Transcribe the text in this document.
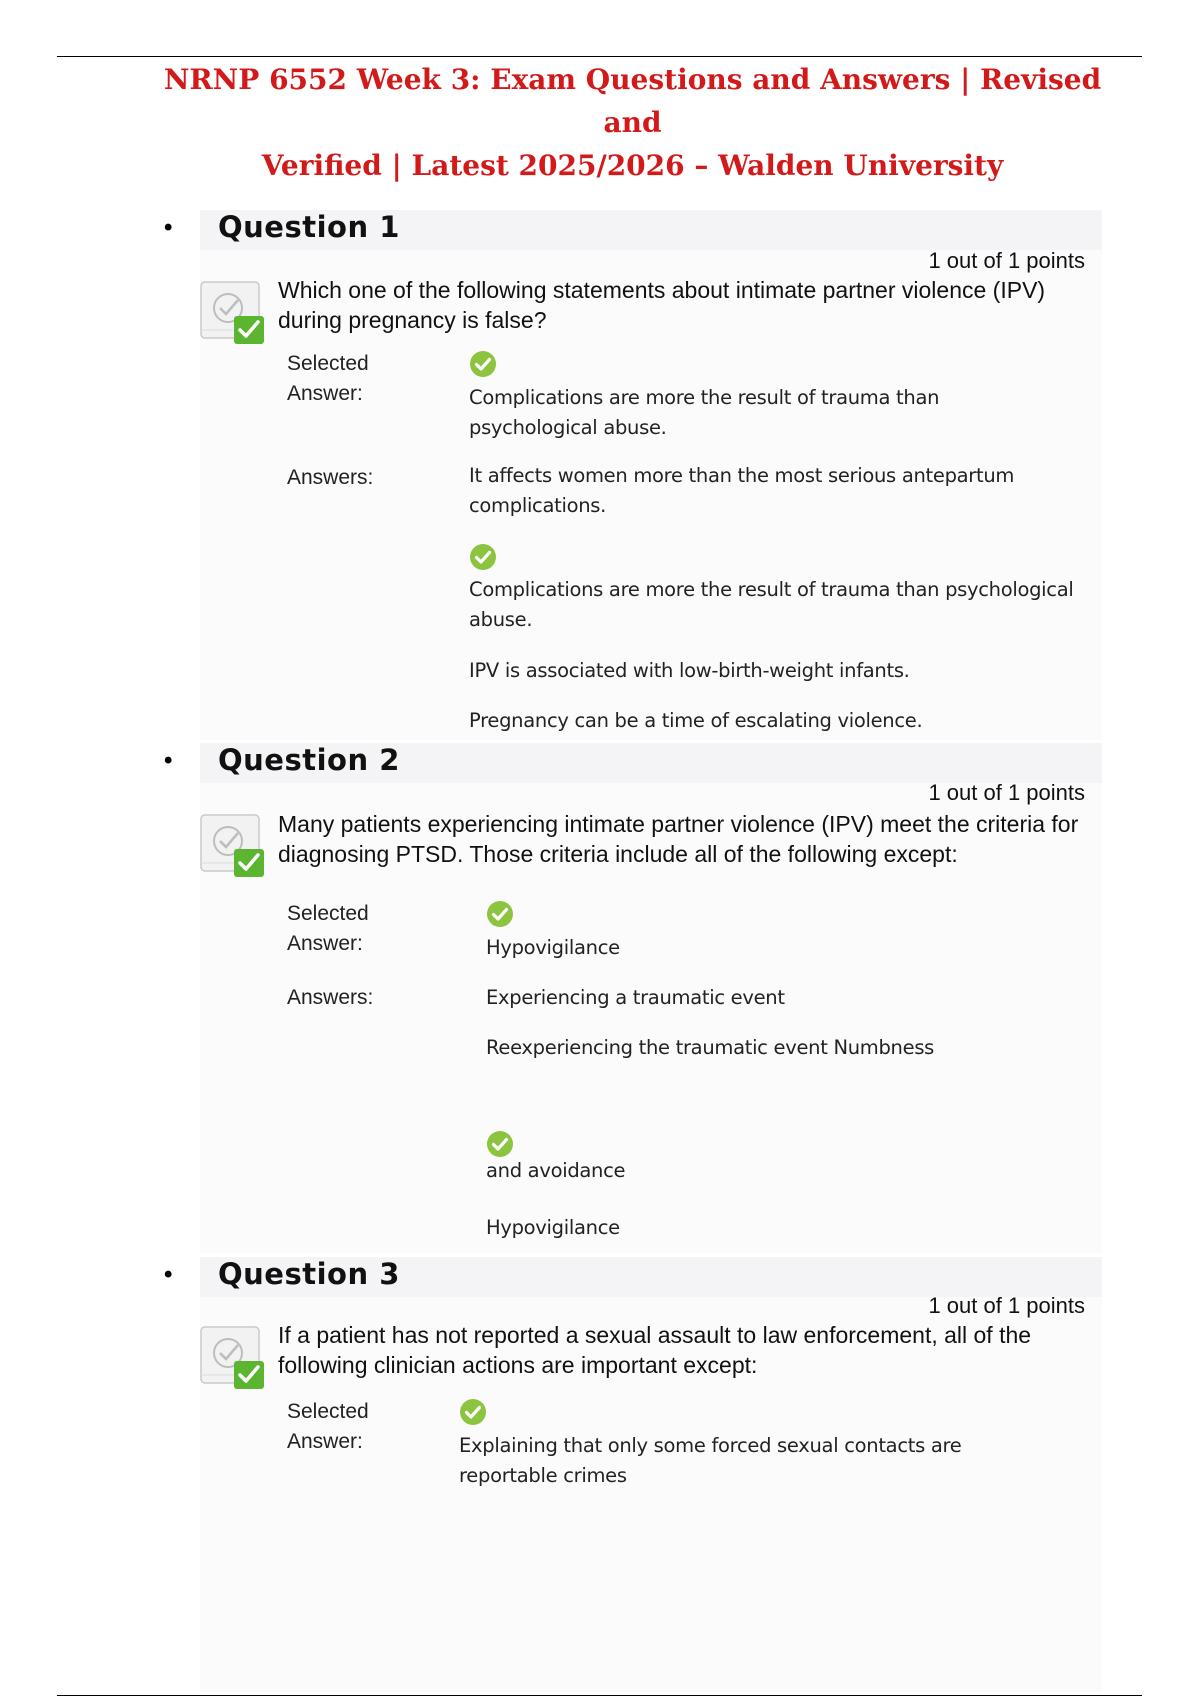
NRNP 6552 Week 3: Exam Questions and Answers | Revised and
Verified | Latest 2025/2026 – Walden University
• Question 1
1 out of 1 points
Which one of the following statements about intimate partner violence (IPV) during pregnancy is false?
Selected
Answer:	Complications are more the result of trauma than psychological abuse.
Answers:	It affects women more than the most serious antepartum complications.
Complications are more the result of trauma than psychological abuse.
IPV is associated with low-birth-weight infants.
Pregnancy can be a time of escalating violence.
• Question 2
1 out of 1 points
Many patients experiencing intimate partner violence (IPV) meet the criteria for diagnosing PTSD. Those criteria include all of the following except:
Selected
Answer:	Hypovigilance
Answers:	Experiencing a traumatic event
Reexperiencing the traumatic event Numbness
and avoidance
Hypovigilance
• Question 3
1 out of 1 points
If a patient has not reported a sexual assault to law enforcement, all of the following clinician actions are important except:
Selected
Answer:	Explaining that only some forced sexual contacts are reportable crimes
